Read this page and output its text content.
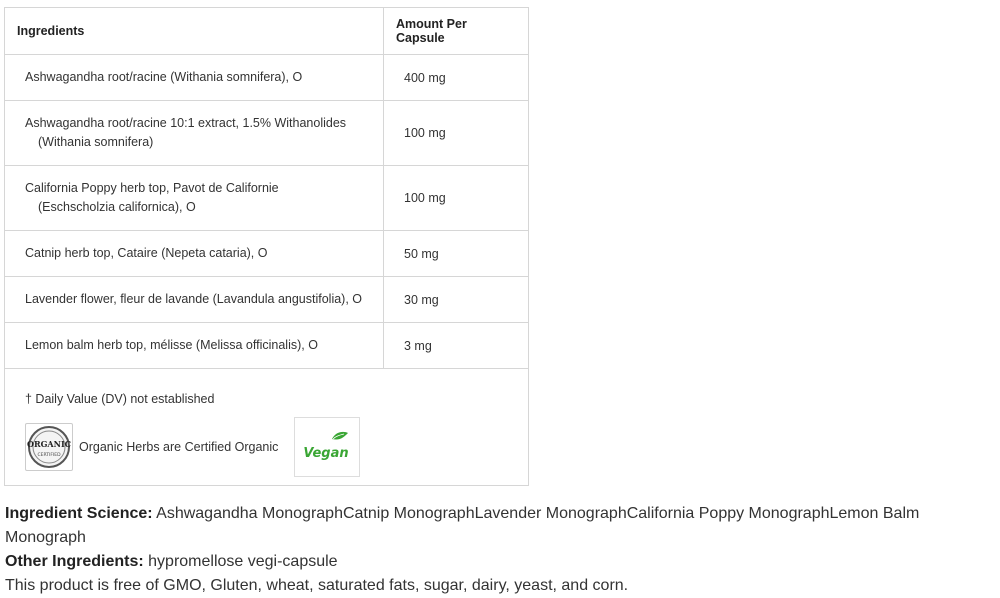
Ingredients	Amount Per Capsule

Ashwagandha root/racine (Withania somnifera), O	400 mg

Ashwagandha root/racine 10:1 extract, 1.5% Withanolides
(Withania somnifera)	100 mg

California Poppy herb top, Pavot de Californie
(Eschscholzia californica), O	100 mg

Catnip herb top, Cataire (Nepeta cataria), O	50 mg

Lavender flower, fleur de lavande (Lavandula angustifolia), O	30 mg

Lemon balm herb top, mélisse (Melissa officinalis), O	3 mg

† Daily Value (DV) not established
ORGANIC
CERTIFIED
Organic Herbs are Certified Organic Vegan	
Ingredient Science: Ashwagandha MonographCatnip MonographLavender MonographCalifornia Poppy MonographLemon Balm Monograph
Other Ingredients: hypromellose vegi-capsule
This product is free of GMO, Gluten, wheat, saturated fats, sugar, dairy, yeast, and corn.
